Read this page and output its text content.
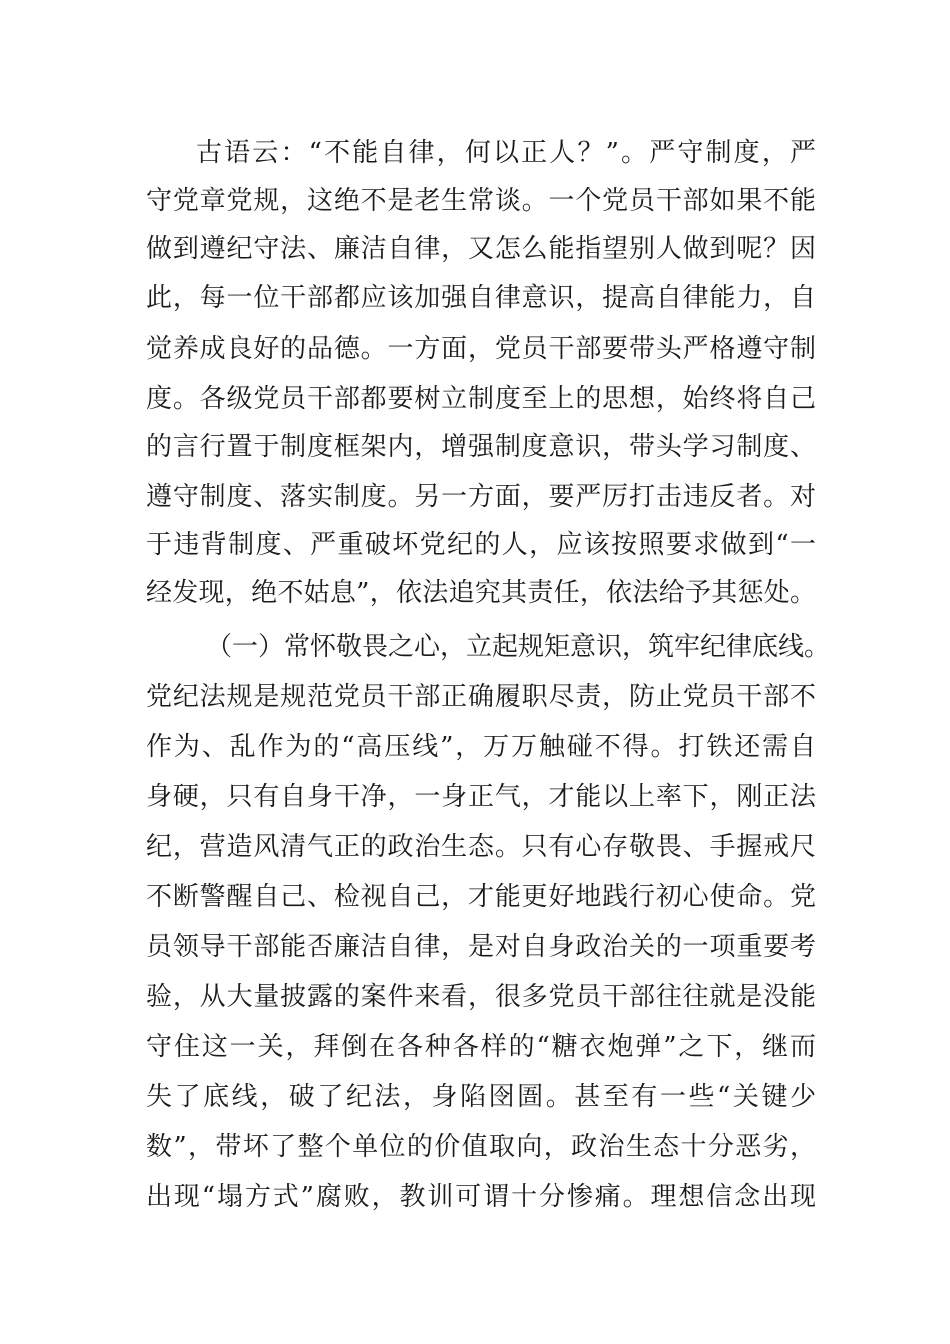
古语云：“不能自律，何以正人？”。严守制度，严
守党章党规，这绝不是老生常谈。一个党员干部如果不能
做到遵纪守法、廉洁自律，又怎么能指望别人做到呢？因
此，每一位干部都应该加强自律意识，提高自律能力，自
觉养成良好的品德。一方面，党员干部要带头严格遵守制
度。各级党员干部都要树立制度至上的思想，始终将自己
的言行置于制度框架内，增强制度意识，带头学习制度、
遵守制度、落实制度。另一方面，要严厉打击违反者。对
于违背制度、严重破坏党纪的人，应该按照要求做到“一
经发现，绝不姑息”，依法追究其责任，依法给予其惩处。
（一）常怀敬畏之心，立起规矩意识，筑牢纪律底线。
党纪法规是规范党员干部正确履职尽责，防止党员干部不
作为、乱作为的“高压线”，万万触碰不得。打铁还需自
身硬，只有自身干净，一身正气，才能以上率下，刚正法
纪，营造风清气正的政治生态。只有心存敬畏、手握戒尺
不断警醒自己、检视自己，才能更好地践行初心使命。党
员领导干部能否廉洁自律，是对自身政治关的一项重要考
验，从大量披露的案件来看，很多党员干部往往就是没能
守住这一关，拜倒在各种各样的“糖衣炮弹”之下，继而
失了底线，破了纪法，身陷囹圄。甚至有一些“关键少
数”，带坏了整个单位的价值取向，政治生态十分恶劣，
出现“塌方式”腐败，教训可谓十分惨痛。理想信念出现
